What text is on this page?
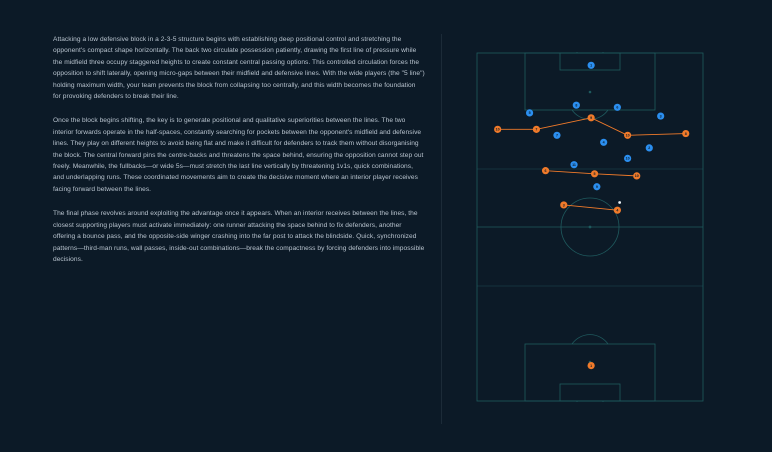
Attacking a low defensive block in a 2-3-5 structure begins with establishing deep positional control and stretching the opponent's compact shape horizontally. The back two circulate possession patiently, drawing the first line of pressure while the midfield three occupy staggered heights to create constant central passing options. This controlled circulation forces the opposition to shift laterally, opening micro-gaps between their midfield and defensive lines. With the wide players (the "5 line") holding maximum width, your team prevents the block from collapsing too centrally, and this width becomes the foundation for provoking defenders to break their line.

Once the block begins shifting, the key is to generate positional and qualitative superiorities between the lines. The two interior forwards operate in the half-spaces, constantly searching for pockets between the opponent's midfield and defensive lines. They play on different heights to avoid being flat and make it difficult for defenders to track them without disorganising the block. The central forward pins the centre-backs and threatens the space behind, ensuring the opposition cannot step out freely. Meanwhile, the fullbacks—or wide 5s—must stretch the last line vertically by threatening 1v1s, quick combinations, and underlapping runs. These coordinated movements aim to create the decisive moment where an interior player receives facing forward between the lines.

The final phase revolves around exploiting the advantage once it appears. When an interior receives between the lines, the closest supporting players must activate immediately: one runner attacking the space behind to fix defenders, another offering a bounce pass, and the opposite-side winger crashing into the far post to attack the blindside. Quick, synchronized patterns—third-man runs, wall passes, inside-out combinations—break the compactness by forcing defenders into impossible decisions.

1
8
6
5
3
7
4
2
10
11
9
10	7
9
10	8
6
5
10
3
4
1
